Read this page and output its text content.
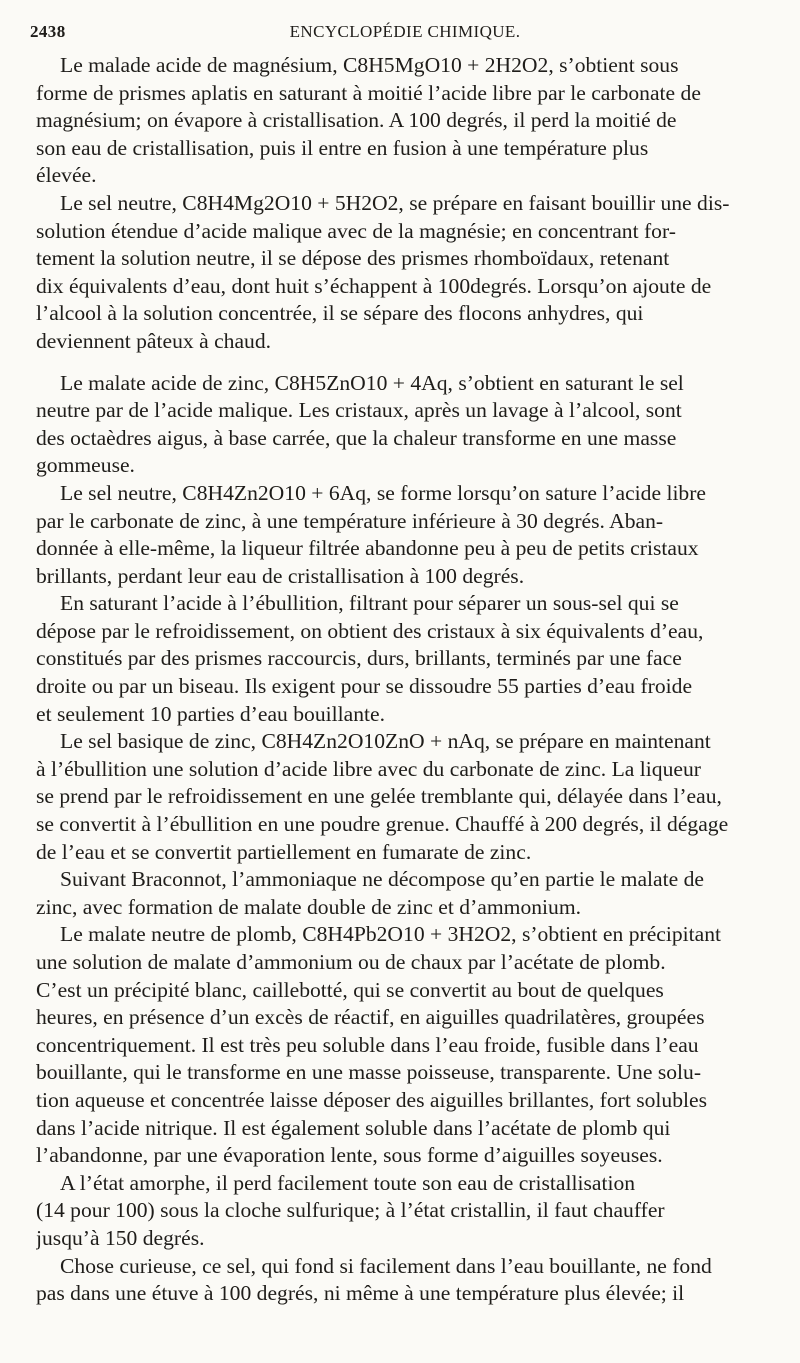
2438	ENCYCLOPÉDIE CHIMIQUE.
Le malade acide de magnésium, C8H5MgO10 + 2H2O2, s’obtient sous
forme de prismes aplatis en saturant à moitié l’acide libre par le carbonate de
magnésium; on évapore à cristallisation. A 100 degrés, il perd la moitié de
son eau de cristallisation, puis il entre en fusion à une température plus
élevée.
Le sel neutre, C8H4Mg2O10 + 5H2O2, se prépare en faisant bouillir une dis-
solution étendue d’acide malique avec de la magnésie; en concentrant for-
tement la solution neutre, il se dépose des prismes rhomboïdaux, retenant
dix équivalents d’eau, dont huit s’échappent à 100degrés. Lorsqu’on ajoute de
l’alcool à la solution concentrée, il se sépare des flocons anhydres, qui
deviennent pâteux à chaud.
Le malate acide de zinc, C8H5ZnO10 + 4Aq, s’obtient en saturant le sel
neutre par de l’acide malique. Les cristaux, après un lavage à l’alcool, sont
des octaèdres aigus, à base carrée, que la chaleur transforme en une masse
gommeuse.
Le sel neutre, C8H4Zn2O10 + 6Aq, se forme lorsqu’on sature l’acide libre
par le carbonate de zinc, à une température inférieure à 30 degrés. Aban-
donnée à elle-même, la liqueur filtrée abandonne peu à peu de petits cristaux
brillants, perdant leur eau de cristallisation à 100 degrés.
En saturant l’acide à l’ébullition, filtrant pour séparer un sous-sel qui se
dépose par le refroidissement, on obtient des cristaux à six équivalents d’eau,
constitués par des prismes raccourcis, durs, brillants, terminés par une face
droite ou par un biseau. Ils exigent pour se dissoudre 55 parties d’eau froide
et seulement 10 parties d’eau bouillante.
Le sel basique de zinc, C8H4Zn2O10ZnO + nAq, se prépare en maintenant
à l’ébullition une solution d’acide libre avec du carbonate de zinc. La liqueur
se prend par le refroidissement en une gelée tremblante qui, délayée dans l’eau,
se convertit à l’ébullition en une poudre grenue. Chauffé à 200 degrés, il dégage
de l’eau et se convertit partiellement en fumarate de zinc.
Suivant Braconnot, l’ammoniaque ne décompose qu’en partie le malate de
zinc, avec formation de malate double de zinc et d’ammonium.
Le malate neutre de plomb, C8H4Pb2O10 + 3H2O2, s’obtient en précipitant
une solution de malate d’ammonium ou de chaux par l’acétate de plomb.
C’est un précipité blanc, caillebotté, qui se convertit au bout de quelques
heures, en présence d’un excès de réactif, en aiguilles quadrilatères, groupées
concentriquement. Il est très peu soluble dans l’eau froide, fusible dans l’eau
bouillante, qui le transforme en une masse poisseuse, transparente. Une solu-
tion aqueuse et concentrée laisse déposer des aiguilles brillantes, fort solubles
dans l’acide nitrique. Il est également soluble dans l’acétate de plomb qui
l’abandonne, par une évaporation lente, sous forme d’aiguilles soyeuses.
A l’état amorphe, il perd facilement toute son eau de cristallisation
(14 pour 100) sous la cloche sulfurique; à l’état cristallin, il faut chauffer
jusqu’à 150 degrés.
Chose curieuse, ce sel, qui fond si facilement dans l’eau bouillante, ne fond
pas dans une étuve à 100 degrés, ni même à une température plus élevée; il
